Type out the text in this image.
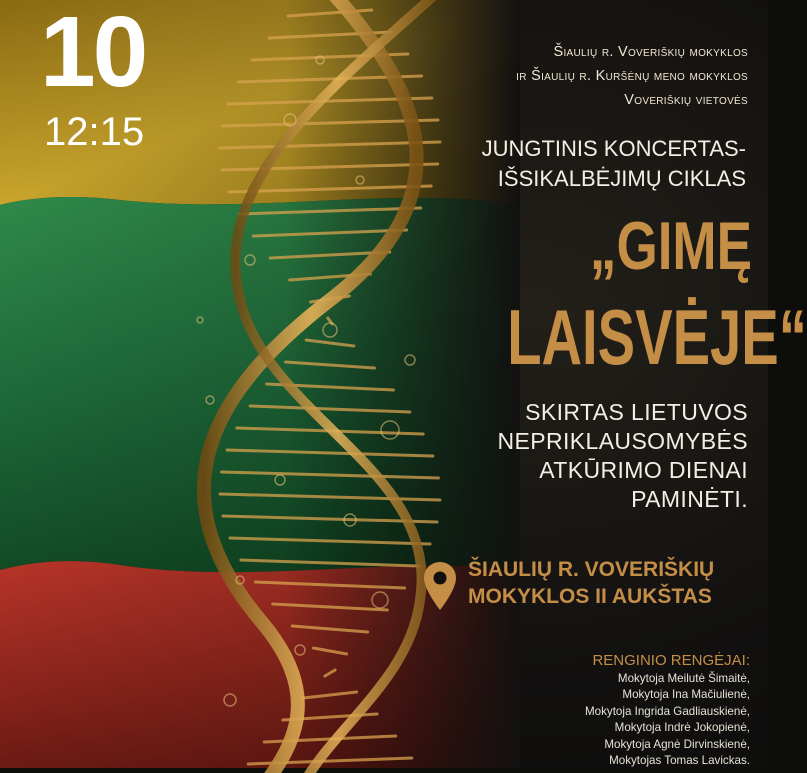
10
12:15
Šiaulių r. Voveriškių mokyklos
ir Šiaulių r. Kuršėnų meno mokyklos
Voveriškių vietovės
JUNGTINIS KONCERTAS-
IŠSIKALBĖJIMŲ CIKLAS
„GIMĘ
LAISVĖJE“
SKIRTAS LIETUVOS
NEPRIKLAUSOMYBĖS
ATKŪRIMO DIENAI
PAMINĖTI.
ŠIAULIŲ R. VOVERIŠKIŲ
MOKYKLOS II AUKŠTAS
RENGINIO RENGĖJAI:
Mokytoja Meilutė Šimaitė,
Mokytoja Ina Mačiulienė,
Mokytoja Ingrida Gadliauskienė,
Mokytoja Indrė Jokopienė,
Mokytoja Agnė Dirvinskienė,
Mokytojas Tomas Lavickas.
